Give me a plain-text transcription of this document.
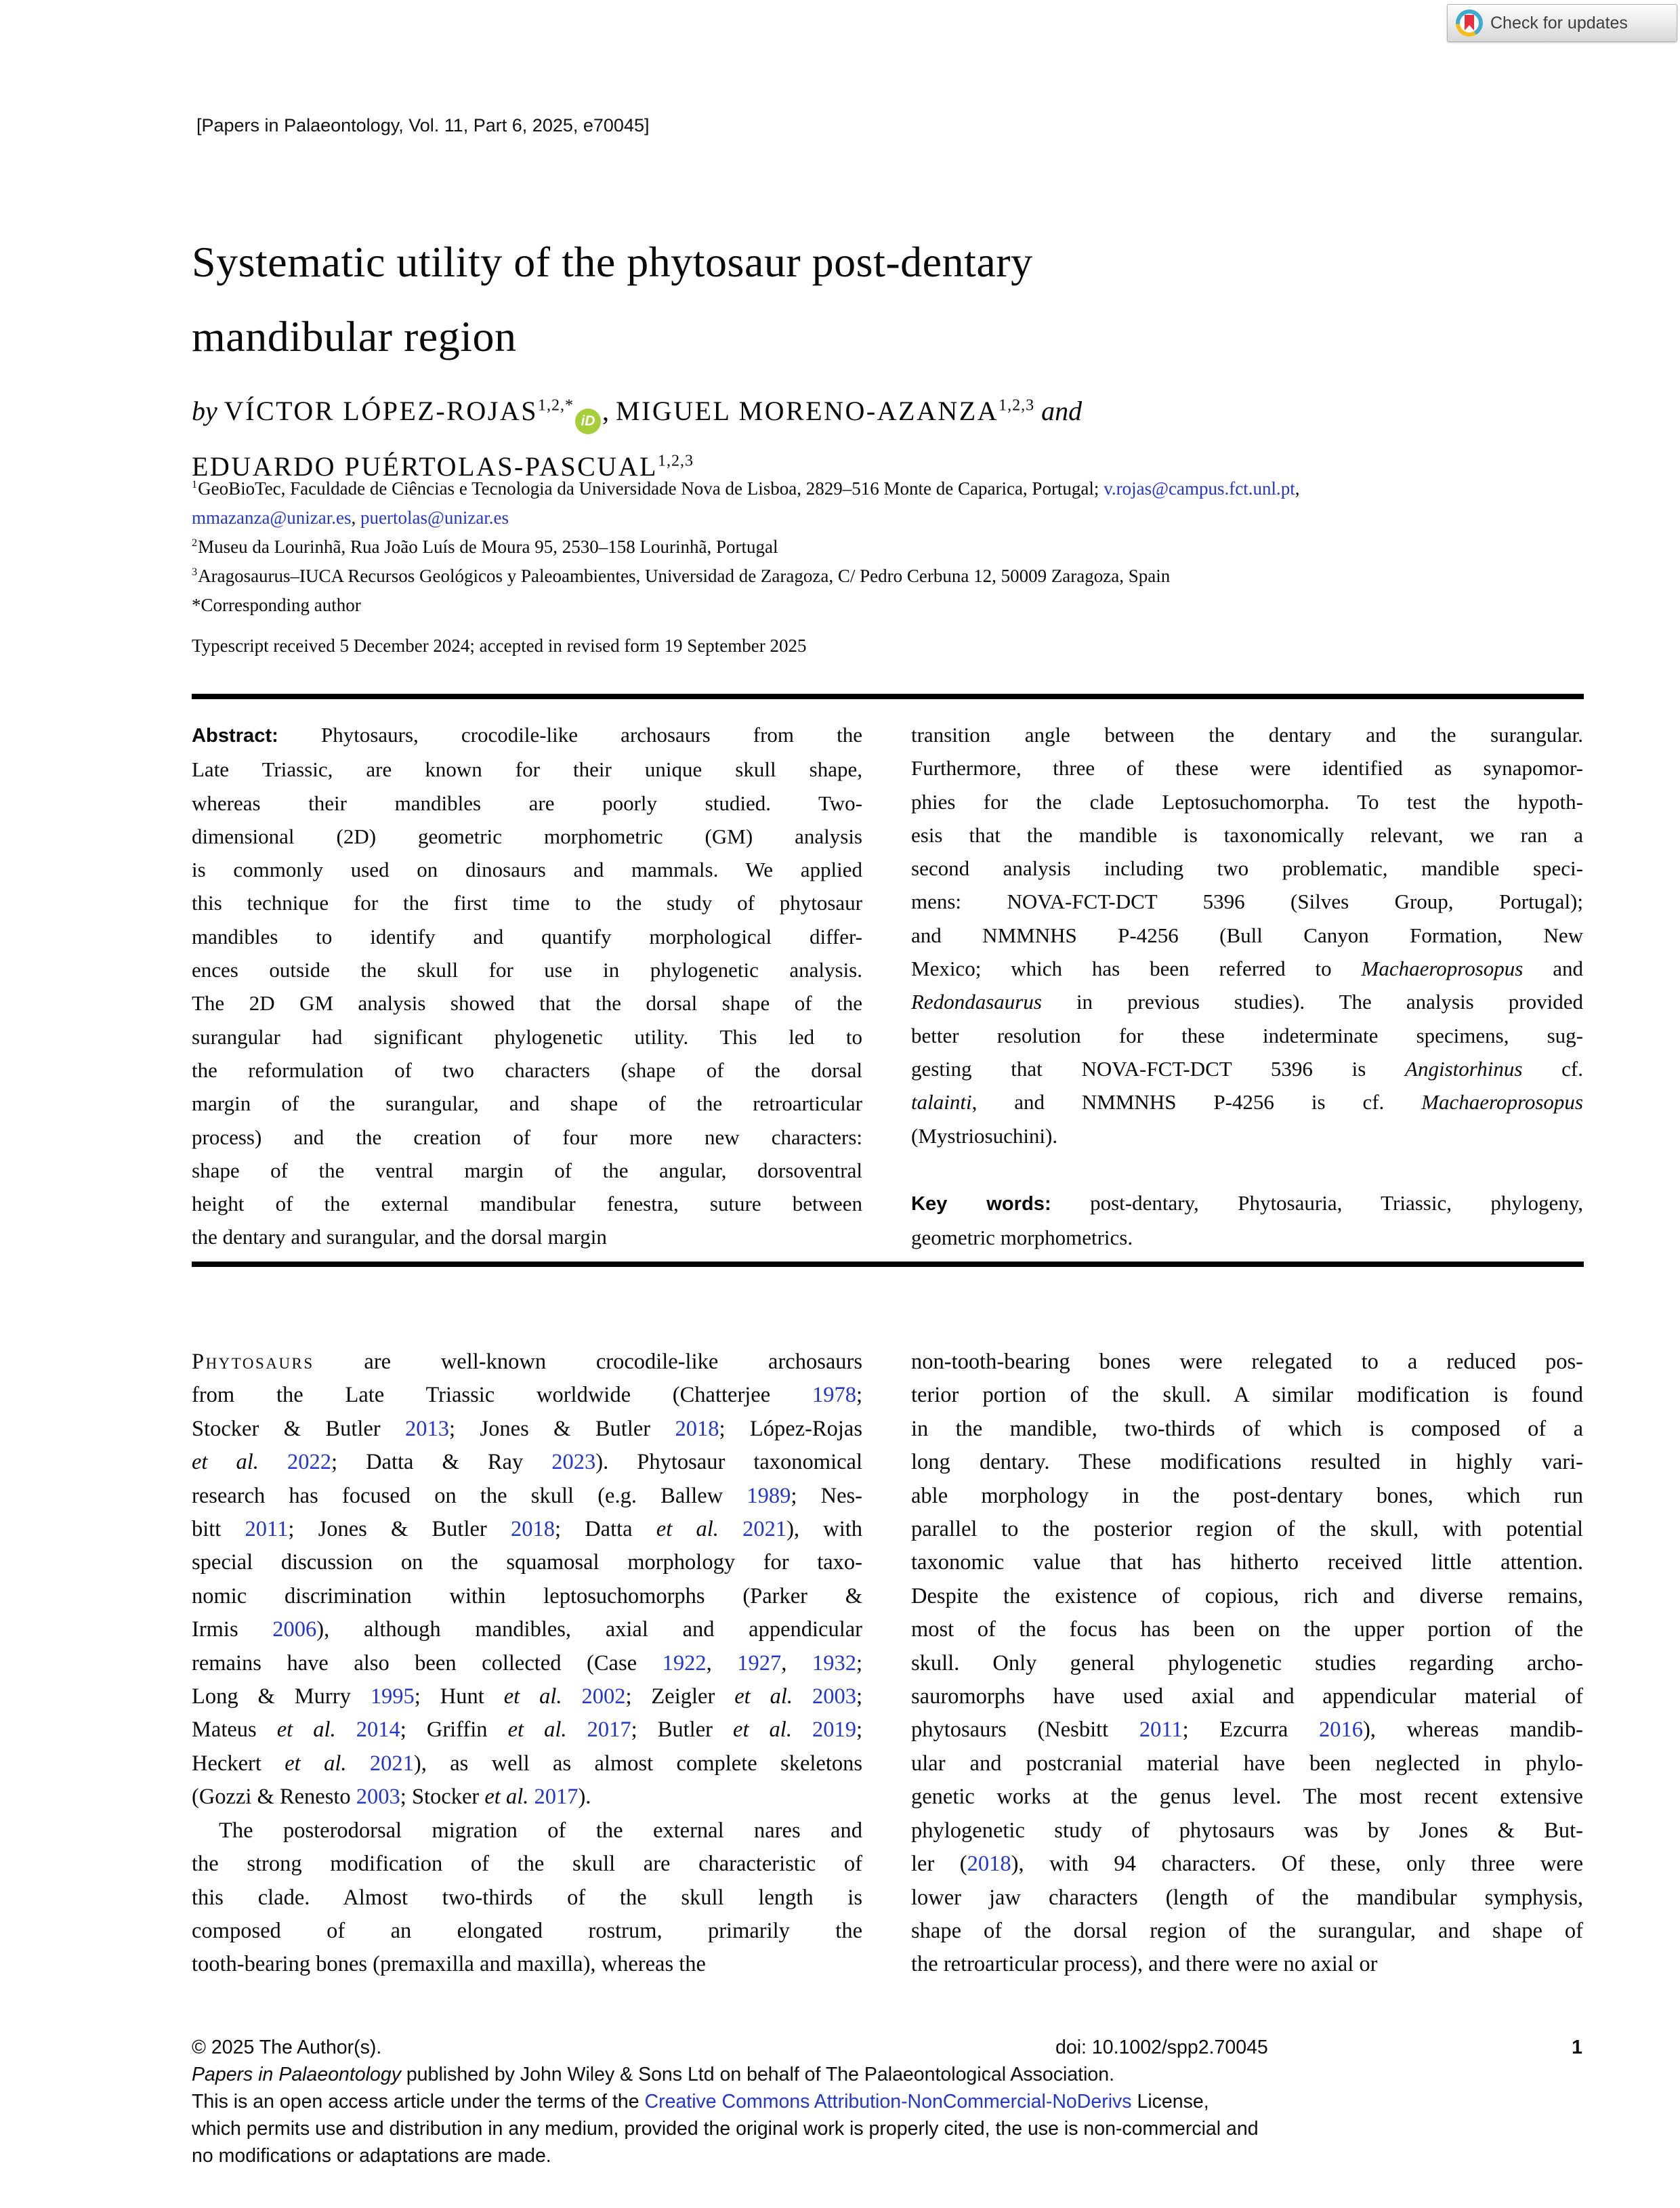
[Papers in Palaeontology, Vol. 11, Part 6, 2025, e70045]
Check for updates
Systematic utility of the phytosaur post-dentary
mandibular region
by VÍCTOR LÓPEZ-$ROJAS^{1,2,*}iD$ , MIGUEL MORENO-AZANZA$^{1,2,3}$ and
EDUARDO PUÉRTOLAS-PASCUAL$^{1,2,3}$
$^1$GeoBioTec, Faculdade de Ciências e Tecnologia da Universidade Nova de Lisboa, 2829–516 Monte de Caparica, Portugal; v.rojas@campus.fct.unl.pt,
mmazanza@unizar.es, puertolas@unizar.es
$^2$Museu da Lourinhã, Rua João Luís de Moura 95, 2530–158 Lourinhã, Portugal
$^3$Aragosaurus–IUCA Recursos Geológicos y Paleoambientes, Universidad de Zaragoza, C/ Pedro Cerbuna 12, 50009 Zaragoza, Spain
*Corresponding author
Typescript received 5 December 2024; accepted in revised form 19 September 2025
Abstract: Phytosaurs, crocodile-like archosaurs from the
Late Triassic, are known for their unique skull shape,
whereas their mandibles are poorly studied. Two-
dimensional (2D) geometric morphometric (GM) analysis
is commonly used on dinosaurs and mammals. We applied
this technique for the first time to the study of phytosaur
mandibles to identify and quantify morphological differ-
ences outside the skull for use in phylogenetic analysis.
The 2D GM analysis showed that the dorsal shape of the
surangular had significant phylogenetic utility. This led to
the reformulation of two characters (shape of the dorsal
margin of the surangular, and shape of the retroarticular
process) and the creation of four more new characters:
shape of the ventral margin of the angular, dorsoventral
height of the external mandibular fenestra, suture between
the dentary and surangular, and the dorsal margin
transition angle between the dentary and the surangular.
Furthermore, three of these were identified as synapomor-
phies for the clade Leptosuchomorpha. To test the hypoth-
esis that the mandible is taxonomically relevant, we ran a
second analysis including two problematic, mandible speci-
mens: NOVA-FCT-DCT 5396 (Silves Group, Portugal);
and NMMNHS P-4256 (Bull Canyon Formation, New
Mexico; which has been referred to Machaeroprosopus and
Redondasaurus in previous studies). The analysis provided
better resolution for these indeterminate specimens, sug-
gesting that NOVA-FCT-DCT 5396 is Angistorhinus cf.
talainti, and NMMNHS P-4256 is cf. Machaeroprosopus
(Mystriosuchini).
Key words: post-dentary, Phytosauria, Triassic, phylogeny,
geometric morphometrics.
Phytosaurs are well-known crocodile-like archosaurs
from the Late Triassic worldwide (Chatterjee 1978;
Stocker & Butler 2013; Jones & Butler 2018; López-Rojas
et al. 2022; Datta & Ray 2023). Phytosaur taxonomical
research has focused on the skull (e.g. Ballew 1989; Nes-
bitt 2011; Jones & Butler 2018; Datta et al. 2021), with
special discussion on the squamosal morphology for taxo-
nomic discrimination within leptosuchomorphs (Parker &
Irmis 2006), although mandibles, axial and appendicular
remains have also been collected (Case 1922, 1927, 1932;
Long & Murry 1995; Hunt et al. 2002; Zeigler et al. 2003;
Mateus et al. 2014; Griffin et al. 2017; Butler et al. 2019;
Heckert et al. 2021), as well as almost complete skeletons
(Gozzi & Renesto 2003; Stocker et al. 2017).
The posterodorsal migration of the external nares and
the strong modification of the skull are characteristic of
this clade. Almost two-thirds of the skull length is
composed of an elongated rostrum, primarily the
tooth-bearing bones (premaxilla and maxilla), whereas the
non-tooth-bearing bones were relegated to a reduced pos-
terior portion of the skull. A similar modification is found
in the mandible, two-thirds of which is composed of a
long dentary. These modifications resulted in highly vari-
able morphology in the post-dentary bones, which run
parallel to the posterior region of the skull, with potential
taxonomic value that has hitherto received little attention.
Despite the existence of copious, rich and diverse remains,
most of the focus has been on the upper portion of the
skull. Only general phylogenetic studies regarding archo-
sauromorphs have used axial and appendicular material of
phytosaurs (Nesbitt 2011; Ezcurra 2016), whereas mandib-
ular and postcranial material have been neglected in phylo-
genetic works at the genus level. The most recent extensive
phylogenetic study of phytosaurs was by Jones & But-
ler (2018), with 94 characters. Of these, only three were
lower jaw characters (length of the mandibular symphysis,
shape of the dorsal region of the surangular, and shape of
the retroarticular process), and there were no axial or
© 2025 The Author(s).	doi: 10.1002/spp2.70045	1
Papers in Palaeontology published by John Wiley & Sons Ltd on behalf of The Palaeontological Association.
This is an open access article under the terms of the Creative Commons Attribution-NonCommercial-NoDerivs License,
which permits use and distribution in any medium, provided the original work is properly cited, the use is non-commercial and
no modifications or adaptations are made.
